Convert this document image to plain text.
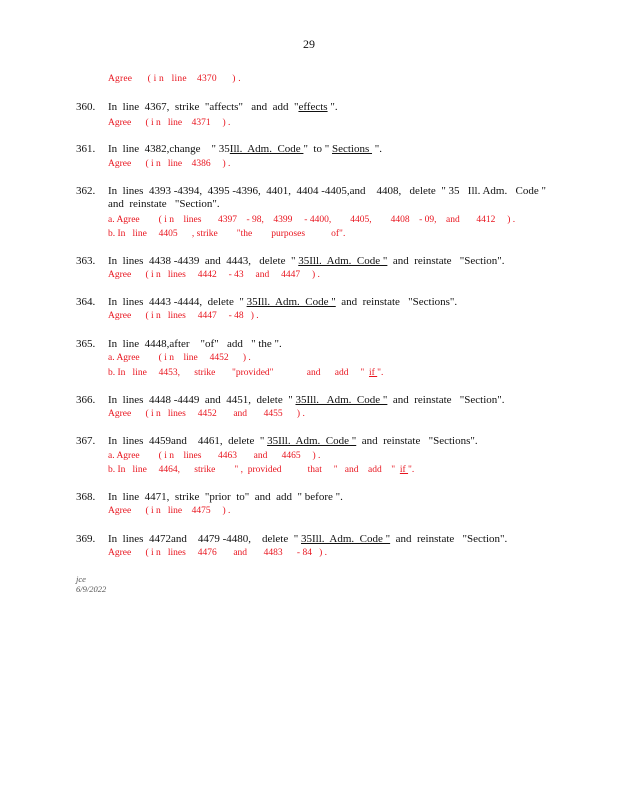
29
Agree      ( i n   line    4370      ) .
360. In  line  4367,  strike  "affects"   and  add  "effects ".
Agree      ( i n   line    4371     ) .
361. In  line  4382,change    " 35Ill.  Adm.  Code "  to " Sections  ".
Agree      ( i n   line    4386     ) .
362. In  lines  4393 -4394,  4395 -4396,  4401,  4404 -4405,and    4408,   delete  " 35   Ill. Adm.   Code "
and  reinstate   "Section".
a. Agree        ( i n    lines       4397    - 98,    4399     - 4400,        4405,        4408    - 09,    and       4412     ) .
b. In   line     4405      , strike        "the        purposes           of".
363. In  lines  4438 -4439  and  4443,   delete  " 35Ill.  Adm.  Code "  and  reinstate   "Section".
Agree      ( i n   lines     4442     - 43     and     4447     ) .
364. In  lines  4443 -4444,  delete  " 35Ill.  Adm.  Code "  and  reinstate   "Sections".
Agree      ( i n   lines     4447     - 48   ) .
365. In  line  4448,after    "of"   add   " the ".
a. Agree        ( i n    line     4452      ) .
b. In   line     4453,      strike       "provided"              and      add     "  if ".
366. In  lines  4448 -4449  and  4451,  delete  " 35Ill.   Adm.  Code "  and  reinstate   "Section".
Agree      ( i n   lines     4452       and       4455      ) .
367. In  lines  4459and    4461,  delete  " 35Ill.  Adm.  Code "  and  reinstate   "Sections".
a. Agree        ( i n    lines       4463       and      4465     ) .
b. In   line     4464,      strike        " ,  provided           that     "   and    add    "  if ".
368. In  line  4471,  strike  "prior  to"  and  add  " before ".
Agree      ( i n   line    4475     ) .
369. In  lines  4472and    4479 -4480,    delete  " 35Ill.  Adm.  Code "  and  reinstate   "Section".
Agree      ( i n   lines     4476       and       4483      - 84   ) .
jce
6/9/2022
